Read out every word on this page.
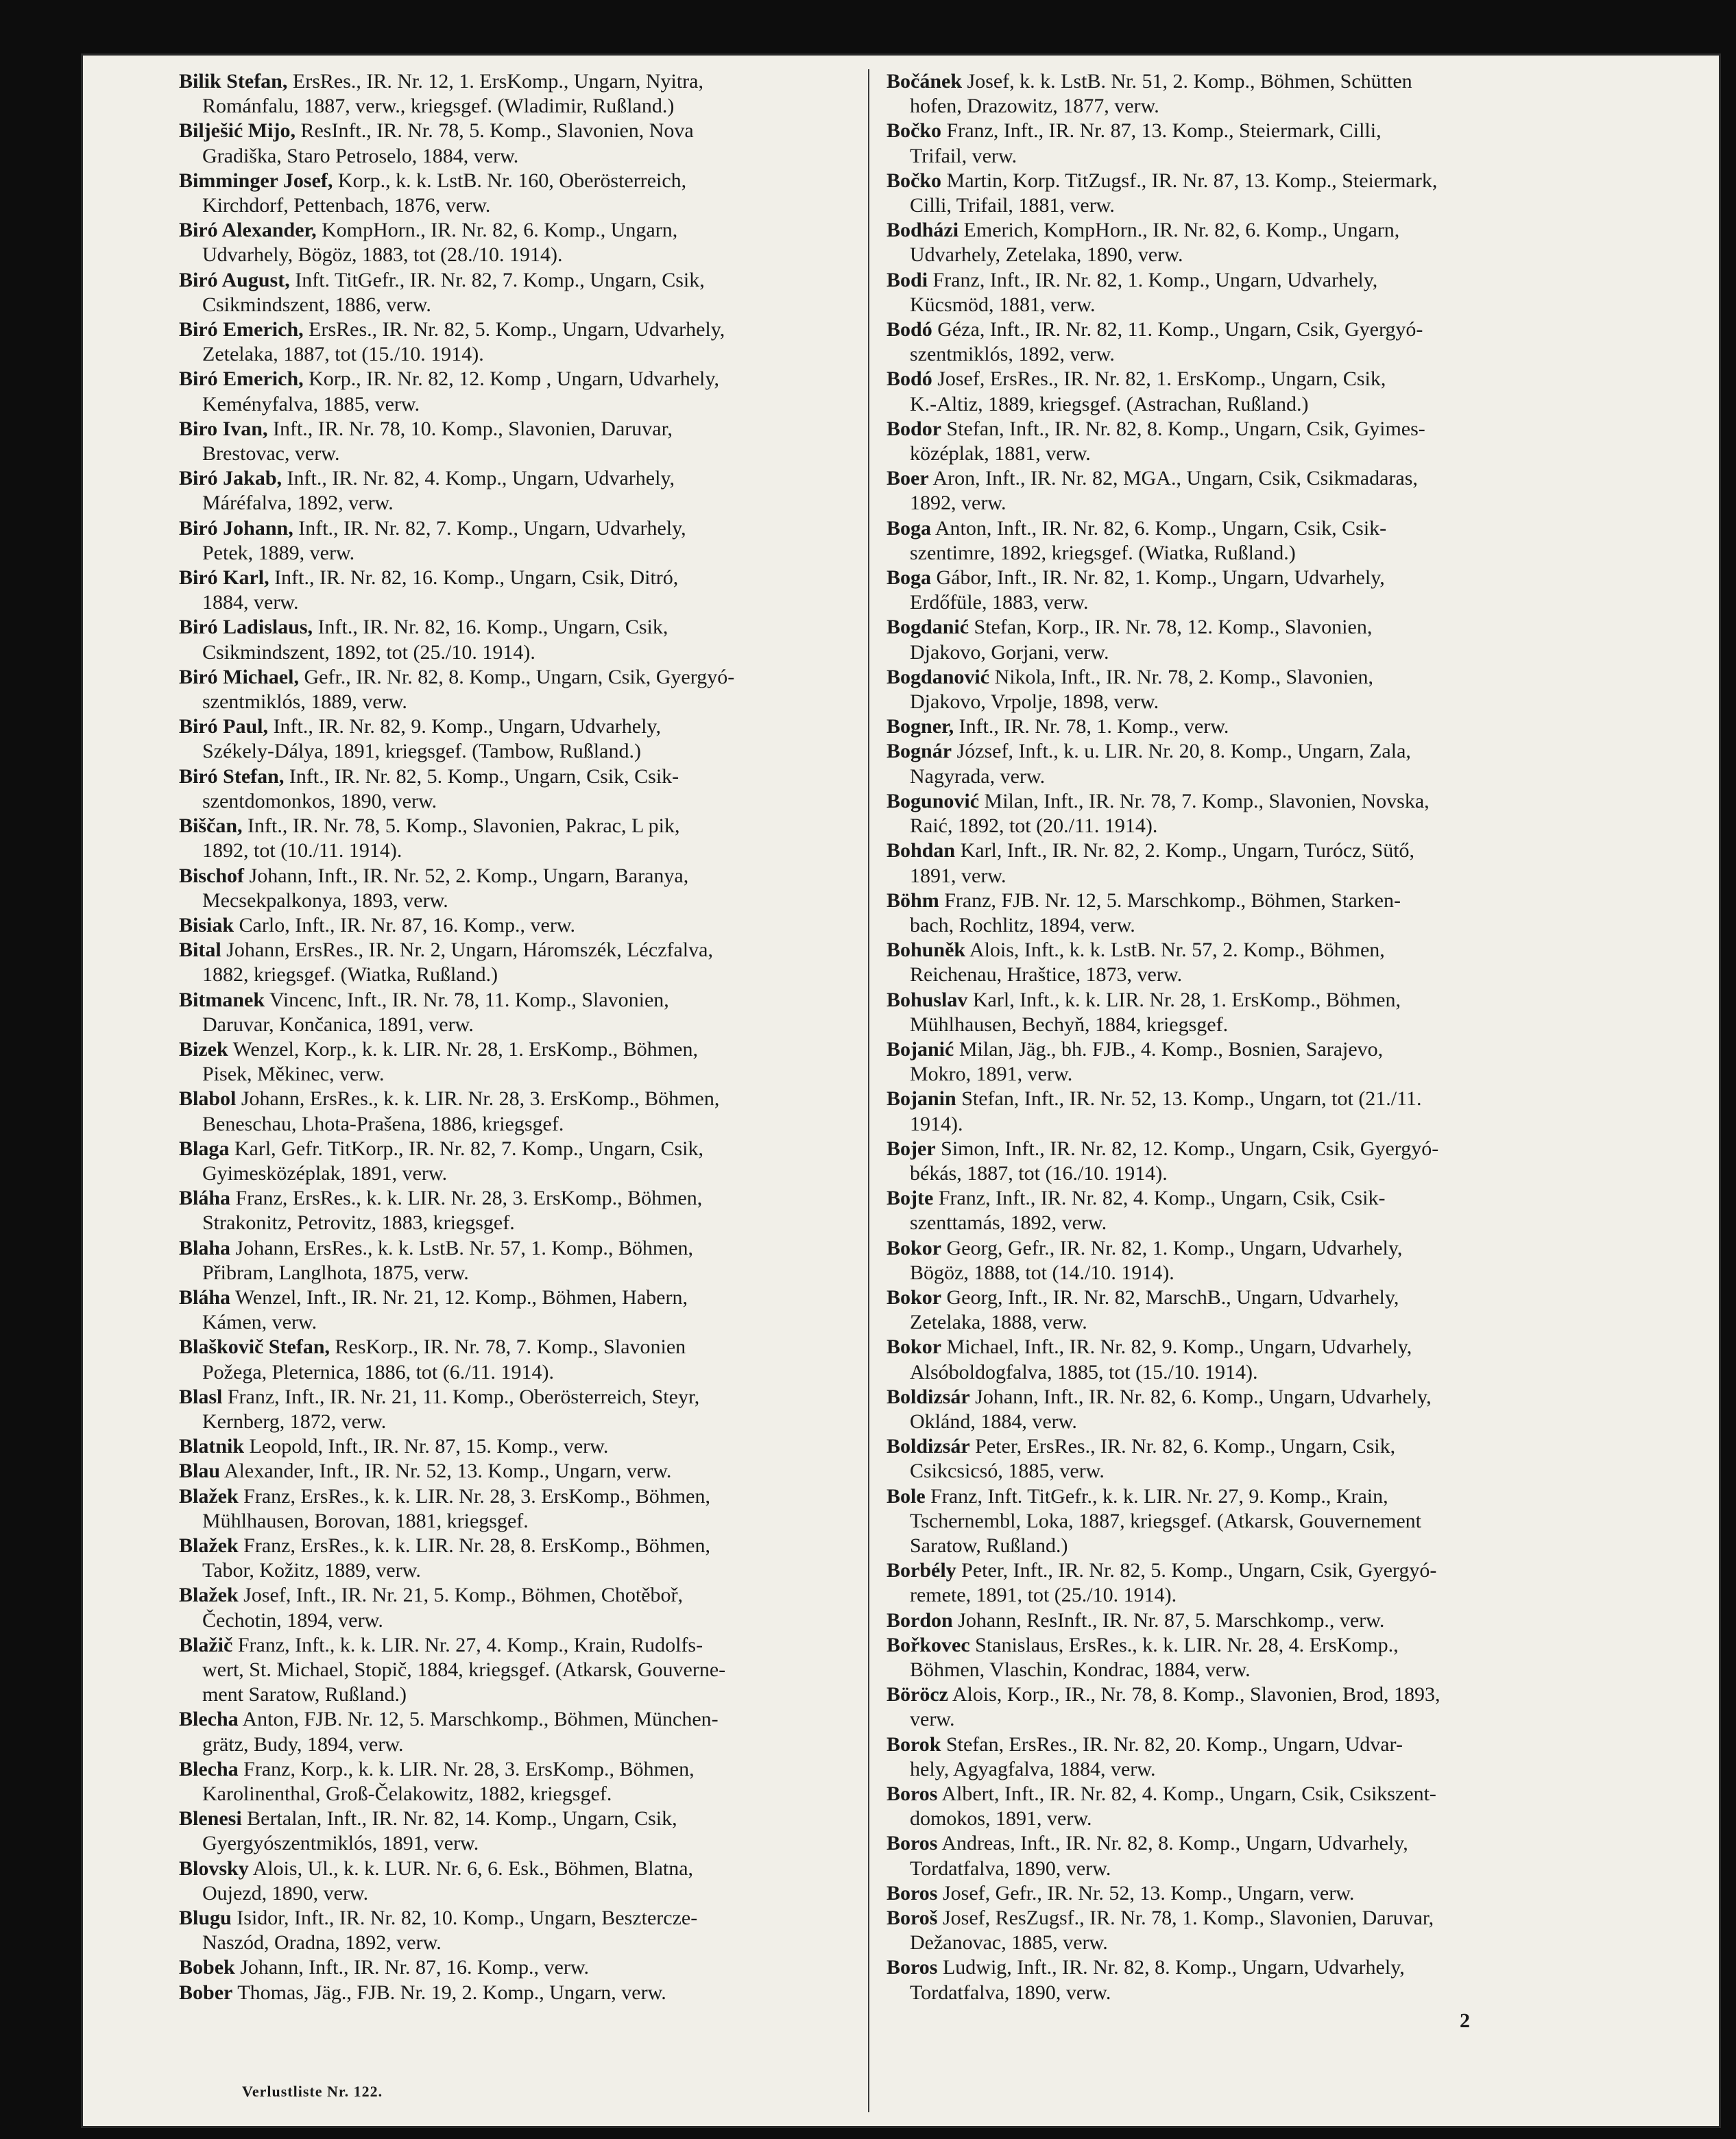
Bilik Stefan, ErsRes., IR. Nr. 12, 1. ErsKomp., Ungarn, Nyitra,
Románfalu, 1887, verw., kriegsgef. (Wladimir, Rußland.)
Bilješić Mijo, ResInft., IR. Nr. 78, 5. Komp., Slavonien, Nova
Gradiška, Staro Petroselo, 1884, verw.
Bimminger Josef, Korp., k. k. LstB. Nr. 160, Oberösterreich,
Kirchdorf, Pettenbach, 1876, verw.
Biró Alexander, KompHorn., IR. Nr. 82, 6. Komp., Ungarn,
Udvarhely, Bögöz, 1883, tot (28./10. 1914).
Biró August, Inft. TitGefr., IR. Nr. 82, 7. Komp., Ungarn, Csik,
Csikmindszent, 1886, verw.
Biró Emerich, ErsRes., IR. Nr. 82, 5. Komp., Ungarn, Udvarhely,
Zetelaka, 1887, tot (15./10. 1914).
Biró Emerich, Korp., IR. Nr. 82, 12. Komp , Ungarn, Udvarhely,
Keményfalva, 1885, verw.
Biro Ivan, Inft., IR. Nr. 78, 10. Komp., Slavonien, Daruvar,
Brestovac, verw.
Biró Jakab, Inft., IR. Nr. 82, 4. Komp., Ungarn, Udvarhely,
Máréfalva, 1892, verw.
Biró Johann, Inft., IR. Nr. 82, 7. Komp., Ungarn, Udvarhely,
Petek, 1889, verw.
Biró Karl, Inft., IR. Nr. 82, 16. Komp., Ungarn, Csik, Ditró,
1884, verw.
Biró Ladislaus, Inft., IR. Nr. 82, 16. Komp., Ungarn, Csik,
Csikmindszent, 1892, tot (25./10. 1914).
Biró Michael, Gefr., IR. Nr. 82, 8. Komp., Ungarn, Csik, Gyergyó-
szentmiklós, 1889, verw.
Biró Paul, Inft., IR. Nr. 82, 9. Komp., Ungarn, Udvarhely,
Székely-Dálya, 1891, kriegsgef. (Tambow, Rußland.)
Biró Stefan, Inft., IR. Nr. 82, 5. Komp., Ungarn, Csik, Csik-
szentdomonkos, 1890, verw.
Biščan, Inft., IR. Nr. 78, 5. Komp., Slavonien, Pakrac, L pik,
1892, tot (10./11. 1914).
Bischof Johann, Inft., IR. Nr. 52, 2. Komp., Ungarn, Baranya,
Mecsekpalkonya, 1893, verw.
Bisiak Carlo, Inft., IR. Nr. 87, 16. Komp., verw.
Bital Johann, ErsRes., IR. Nr. 2, Ungarn, Háromszék, Léczfalva,
1882, kriegsgef. (Wiatka, Rußland.)
Bitmanek Vincenc, Inft., IR. Nr. 78, 11. Komp., Slavonien,
Daruvar, Končanica, 1891, verw.
Bizek Wenzel, Korp., k. k. LIR. Nr. 28, 1. ErsKomp., Böhmen,
Pisek, Měkinec, verw.
Blabol Johann, ErsRes., k. k. LIR. Nr. 28, 3. ErsKomp., Böhmen,
Beneschau, Lhota-Prašena, 1886, kriegsgef.
Blaga Karl, Gefr. TitKorp., IR. Nr. 82, 7. Komp., Ungarn, Csik,
Gyimesközéplak, 1891, verw.
Bláha Franz, ErsRes., k. k. LIR. Nr. 28, 3. ErsKomp., Böhmen,
Strakonitz, Petrovitz, 1883, kriegsgef.
Blaha Johann, ErsRes., k. k. LstB. Nr. 57, 1. Komp., Böhmen,
Přibram, Langlhota, 1875, verw.
Bláha Wenzel, Inft., IR. Nr. 21, 12. Komp., Böhmen, Habern,
Kámen, verw.
Blaškovič Stefan, ResKorp., IR. Nr. 78, 7. Komp., Slavonien
Požega, Pleternica, 1886, tot (6./11. 1914).
Blasl Franz, Inft., IR. Nr. 21, 11. Komp., Oberösterreich, Steyr,
Kernberg, 1872, verw.
Blatnik Leopold, Inft., IR. Nr. 87, 15. Komp., verw.
Blau Alexander, Inft., IR. Nr. 52, 13. Komp., Ungarn, verw.
Blažek Franz, ErsRes., k. k. LIR. Nr. 28, 3. ErsKomp., Böhmen,
Mühlhausen, Borovan, 1881, kriegsgef.
Blažek Franz, ErsRes., k. k. LIR. Nr. 28, 8. ErsKomp., Böhmen,
Tabor, Kožitz, 1889, verw.
Blažek Josef, Inft., IR. Nr. 21, 5. Komp., Böhmen, Chotěboř,
Čechotin, 1894, verw.
Blažič Franz, Inft., k. k. LIR. Nr. 27, 4. Komp., Krain, Rudolfs-
wert, St. Michael, Stopič, 1884, kriegsgef. (Atkarsk, Gouverne-
ment Saratow, Rußland.)
Blecha Anton, FJB. Nr. 12, 5. Marschkomp., Böhmen, München-
grätz, Budy, 1894, verw.
Blecha Franz, Korp., k. k. LIR. Nr. 28, 3. ErsKomp., Böhmen,
Karolinenthal, Groß-Čelakowitz, 1882, kriegsgef.
Blenesi Bertalan, Inft., IR. Nr. 82, 14. Komp., Ungarn, Csik,
Gyergyószentmiklós, 1891, verw.
Blovsky Alois, Ul., k. k. LUR. Nr. 6, 6. Esk., Böhmen, Blatna,
Oujezd, 1890, verw.
Blugu Isidor, Inft., IR. Nr. 82, 10. Komp., Ungarn, Besztercze-
Naszód, Oradna, 1892, verw.
Bobek Johann, Inft., IR. Nr. 87, 16. Komp., verw.
Bober Thomas, Jäg., FJB. Nr. 19, 2. Komp., Ungarn, verw.
Bočánek Josef, k. k. LstB. Nr. 51, 2. Komp., Böhmen, Schütten
hofen, Drazowitz, 1877, verw.
Bočko Franz, Inft., IR. Nr. 87, 13. Komp., Steiermark, Cilli,
Trifail, verw.
Bočko Martin, Korp. TitZugsf., IR. Nr. 87, 13. Komp., Steiermark,
Cilli, Trifail, 1881, verw.
Bodházi Emerich, KompHorn., IR. Nr. 82, 6. Komp., Ungarn,
Udvarhely, Zetelaka, 1890, verw.
Bodi Franz, Inft., IR. Nr. 82, 1. Komp., Ungarn, Udvarhely,
Kücsmöd, 1881, verw.
Bodó Géza, Inft., IR. Nr. 82, 11. Komp., Ungarn, Csik, Gyergyó-
szentmiklós, 1892, verw.
Bodó Josef, ErsRes., IR. Nr. 82, 1. ErsKomp., Ungarn, Csik,
K.-Altiz, 1889, kriegsgef. (Astrachan, Rußland.)
Bodor Stefan, Inft., IR. Nr. 82, 8. Komp., Ungarn, Csik, Gyimes-
középlak, 1881, verw.
Boer Aron, Inft., IR. Nr. 82, MGA., Ungarn, Csik, Csikmadaras,
1892, verw.
Boga Anton, Inft., IR. Nr. 82, 6. Komp., Ungarn, Csik, Csik-
szentimre, 1892, kriegsgef. (Wiatka, Rußland.)
Boga Gábor, Inft., IR. Nr. 82, 1. Komp., Ungarn, Udvarhely,
Erdőfüle, 1883, verw.
Bogdanić Stefan, Korp., IR. Nr. 78, 12. Komp., Slavonien,
Djakovo, Gorjani, verw.
Bogdanović Nikola, Inft., IR. Nr. 78, 2. Komp., Slavonien,
Djakovo, Vrpolje, 1898, verw.
Bogner, Inft., IR. Nr. 78, 1. Komp., verw.
Bognár József, Inft., k. u. LIR. Nr. 20, 8. Komp., Ungarn, Zala,
Nagyrada, verw.
Bogunović Milan, Inft., IR. Nr. 78, 7. Komp., Slavonien, Novska,
Raić, 1892, tot (20./11. 1914).
Bohdan Karl, Inft., IR. Nr. 82, 2. Komp., Ungarn, Turócz, Sütő,
1891, verw.
Böhm Franz, FJB. Nr. 12, 5. Marschkomp., Böhmen, Starken-
bach, Rochlitz, 1894, verw.
Bohuněk Alois, Inft., k. k. LstB. Nr. 57, 2. Komp., Böhmen,
Reichenau, Hraštice, 1873, verw.
Bohuslav Karl, Inft., k. k. LIR. Nr. 28, 1. ErsKomp., Böhmen,
Mühlhausen, Bechyň, 1884, kriegsgef.
Bojanić Milan, Jäg., bh. FJB., 4. Komp., Bosnien, Sarajevo,
Mokro, 1891, verw.
Bojanin Stefan, Inft., IR. Nr. 52, 13. Komp., Ungarn, tot (21./11.
1914).
Bojer Simon, Inft., IR. Nr. 82, 12. Komp., Ungarn, Csik, Gyergyó-
békás, 1887, tot (16./10. 1914).
Bojte Franz, Inft., IR. Nr. 82, 4. Komp., Ungarn, Csik, Csik-
szenttamás, 1892, verw.
Bokor Georg, Gefr., IR. Nr. 82, 1. Komp., Ungarn, Udvarhely,
Bögöz, 1888, tot (14./10. 1914).
Bokor Georg, Inft., IR. Nr. 82, MarschB., Ungarn, Udvarhely,
Zetelaka, 1888, verw.
Bokor Michael, Inft., IR. Nr. 82, 9. Komp., Ungarn, Udvarhely,
Alsóboldogfalva, 1885, tot (15./10. 1914).
Boldizsár Johann, Inft., IR. Nr. 82, 6. Komp., Ungarn, Udvarhely,
Oklánd, 1884, verw.
Boldizsár Peter, ErsRes., IR. Nr. 82, 6. Komp., Ungarn, Csik,
Csikcsicsó, 1885, verw.
Bole Franz, Inft. TitGefr., k. k. LIR. Nr. 27, 9. Komp., Krain,
Tschernembl, Loka, 1887, kriegsgef. (Atkarsk, Gouvernement
Saratow, Rußland.)
Borbély Peter, Inft., IR. Nr. 82, 5. Komp., Ungarn, Csik, Gyergyó-
remete, 1891, tot (25./10. 1914).
Bordon Johann, ResInft., IR. Nr. 87, 5. Marschkomp., verw.
Bořkovec Stanislaus, ErsRes., k. k. LIR. Nr. 28, 4. ErsKomp.,
Böhmen, Vlaschin, Kondrac, 1884, verw.
Böröcz Alois, Korp., IR., Nr. 78, 8. Komp., Slavonien, Brod, 1893,
verw.
Borok Stefan, ErsRes., IR. Nr. 82, 20. Komp., Ungarn, Udvar-
hely, Agyagfalva, 1884, verw.
Boros Albert, Inft., IR. Nr. 82, 4. Komp., Ungarn, Csik, Csikszent-
domokos, 1891, verw.
Boros Andreas, Inft., IR. Nr. 82, 8. Komp., Ungarn, Udvarhely,
Tordatfalva, 1890, verw.
Boros Josef, Gefr., IR. Nr. 52, 13. Komp., Ungarn, verw.
Boroš Josef, ResZugsf., IR. Nr. 78, 1. Komp., Slavonien, Daruvar,
Dežanovac, 1885, verw.
Boros Ludwig, Inft., IR. Nr. 82, 8. Komp., Ungarn, Udvarhely,
Tordatfalva, 1890, verw.
Verlustliste Nr. 122.
2
